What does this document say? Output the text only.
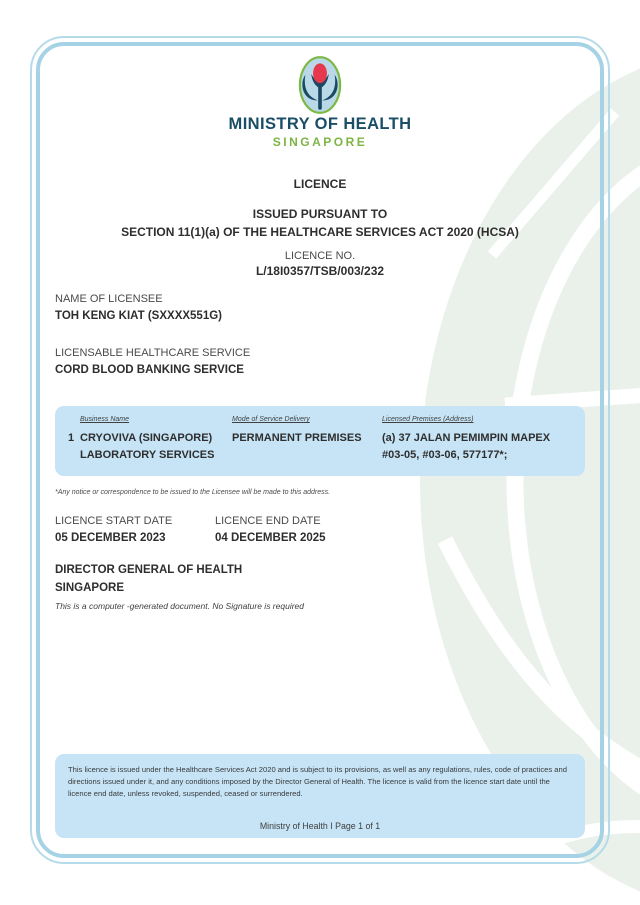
MINISTRY OF HEALTH
SINGAPORE
LICENCE
ISSUED PURSUANT TO
SECTION 11(1)(a) OF THE HEALTHCARE SERVICES ACT 2020 (HCSA)
LICENCE NO.
L/18I0357/TSB/003/232
NAME OF LICENSEE
TOH KENG KIAT (SXXXX551G)
LICENSABLE HEALTHCARE SERVICE
CORD BLOOD BANKING SERVICE
Business Name	Mode of Service Delivery	Licensed Premises (Address)
1 CRYOVIVA (SINGAPORE) LABORATORY SERVICES
PERMANENT PREMISES	(a) 37 JALAN PEMIMPIN MAPEX #03-05, #03-06, 577177*;
*Any notice or correspondence to be issued to the Licensee will be made to this address.
LICENCE START DATE
05 DECEMBER 2023
LICENCE END DATE
04 DECEMBER 2025
DIRECTOR GENERAL OF HEALTH
SINGAPORE
This is a computer -generated document. No Signature is required
This licence is issued under the Healthcare Services Act 2020 and is subject to its provisions, as well as any regulations, rules, code of practices and directions issued under it, and any conditions imposed by the Director General of Health. The licence is valid from the licence start date until the licence end date, unless revoked, suspended, ceased or surrendered.
Ministry of Health I Page 1 of 1
